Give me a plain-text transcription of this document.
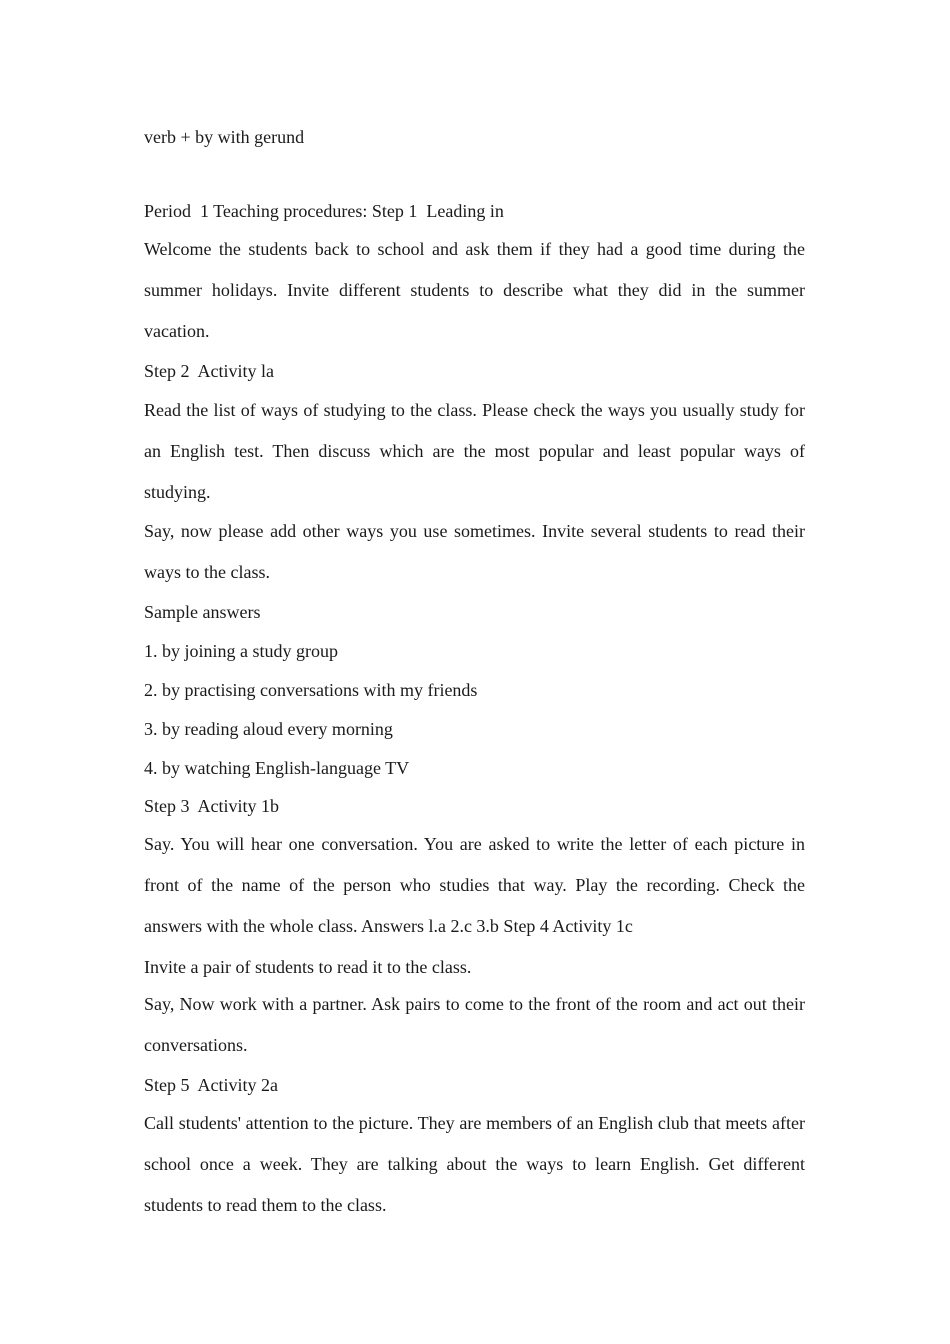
verb + by with gerund
Period  1 Teaching procedures: Step 1  Leading in
Welcome the students back to school and ask them if they had a good time during the summer holidays. Invite different students to describe what they did in the summer vacation.
Step 2  Activity la
Read the list of ways of studying to the class. Please check the ways you usually study for an English test. Then discuss which are the most popular and least popular ways of studying.
Say, now please add other ways you use sometimes. Invite several students to read their ways to the class.
Sample answers
1. by joining a study group
2. by practising conversations with my friends
3. by reading aloud every morning
4. by watching English-language TV
Step 3  Activity 1b
Say. You will hear one conversation. You are asked to write the letter of each picture in front of the name of the person who studies that way. Play the recording. Check the answers with the whole class. Answers l.a 2.c 3.b Step 4 Activity 1c
Invite a pair of students to read it to the class.
Say, Now work with a partner. Ask pairs to come to the front of the room and act out their conversations.
Step 5  Activity 2a
Call students' attention to the picture. They are members of an English club that meets after school once a week. They are talking about the ways to learn English. Get different students to read them to the class.
